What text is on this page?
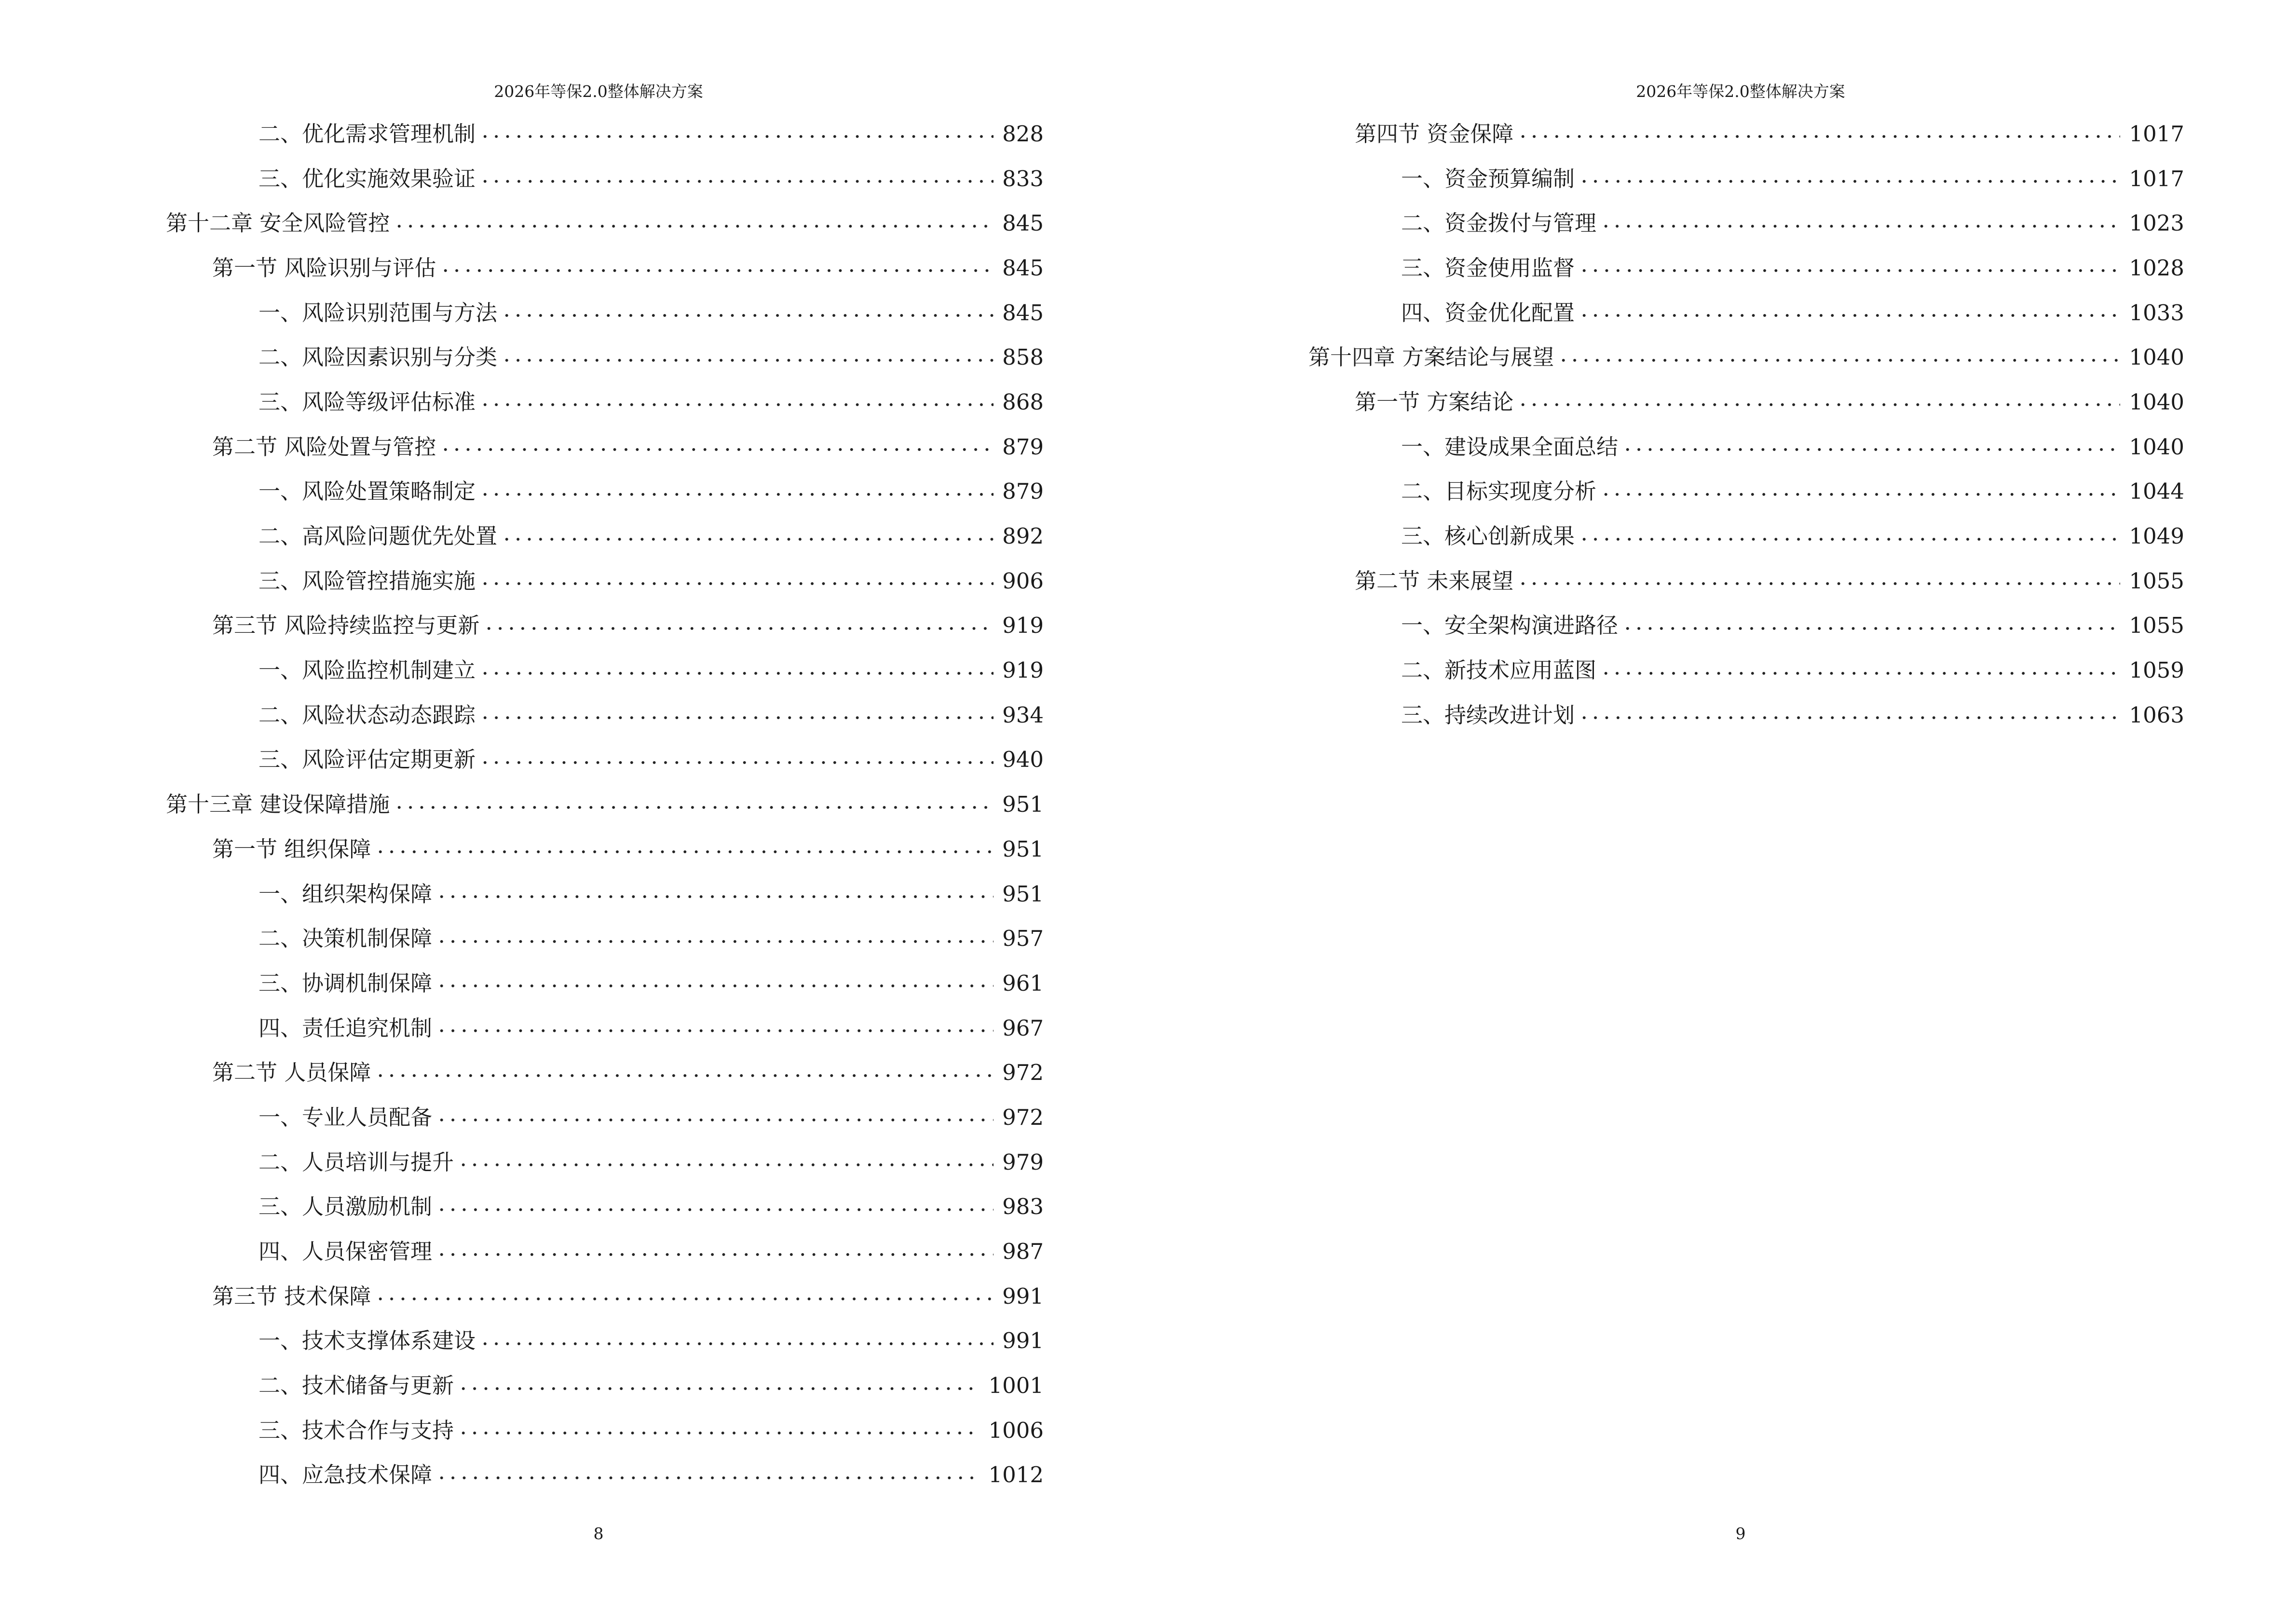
2026年等保2.0整体解决方案
二、优化需求管理机制	828
三、优化实施效果验证	833
第十二章 安全风险管控	845
第一节 风险识别与评估	845
一、风险识别范围与方法	845
二、风险因素识别与分类	858
三、风险等级评估标准	868
第二节 风险处置与管控	879
一、风险处置策略制定	879
二、高风险问题优先处置	892
三、风险管控措施实施	906
第三节 风险持续监控与更新	919
一、风险监控机制建立	919
二、风险状态动态跟踪	934
三、风险评估定期更新	940
第十三章 建设保障措施	951
第一节 组织保障	951
一、组织架构保障	951
二、决策机制保障	957
三、协调机制保障	961
四、责任追究机制	967
第二节 人员保障	972
一、专业人员配备	972
二、人员培训与提升	979
三、人员激励机制	983
四、人员保密管理	987
第三节 技术保障	991
一、技术支撑体系建设	991
二、技术储备与更新	1001
三、技术合作与支持	1006
四、应急技术保障	1012
8
2026年等保2.0整体解决方案
第四节 资金保障	1017
一、资金预算编制	1017
二、资金拨付与管理	1023
三、资金使用监督	1028
四、资金优化配置	1033
第十四章 方案结论与展望	1040
第一节 方案结论	1040
一、建设成果全面总结	1040
二、目标实现度分析	1044
三、核心创新成果	1049
第二节 未来展望	1055
一、安全架构演进路径	1055
二、新技术应用蓝图	1059
三、持续改进计划	1063
9
